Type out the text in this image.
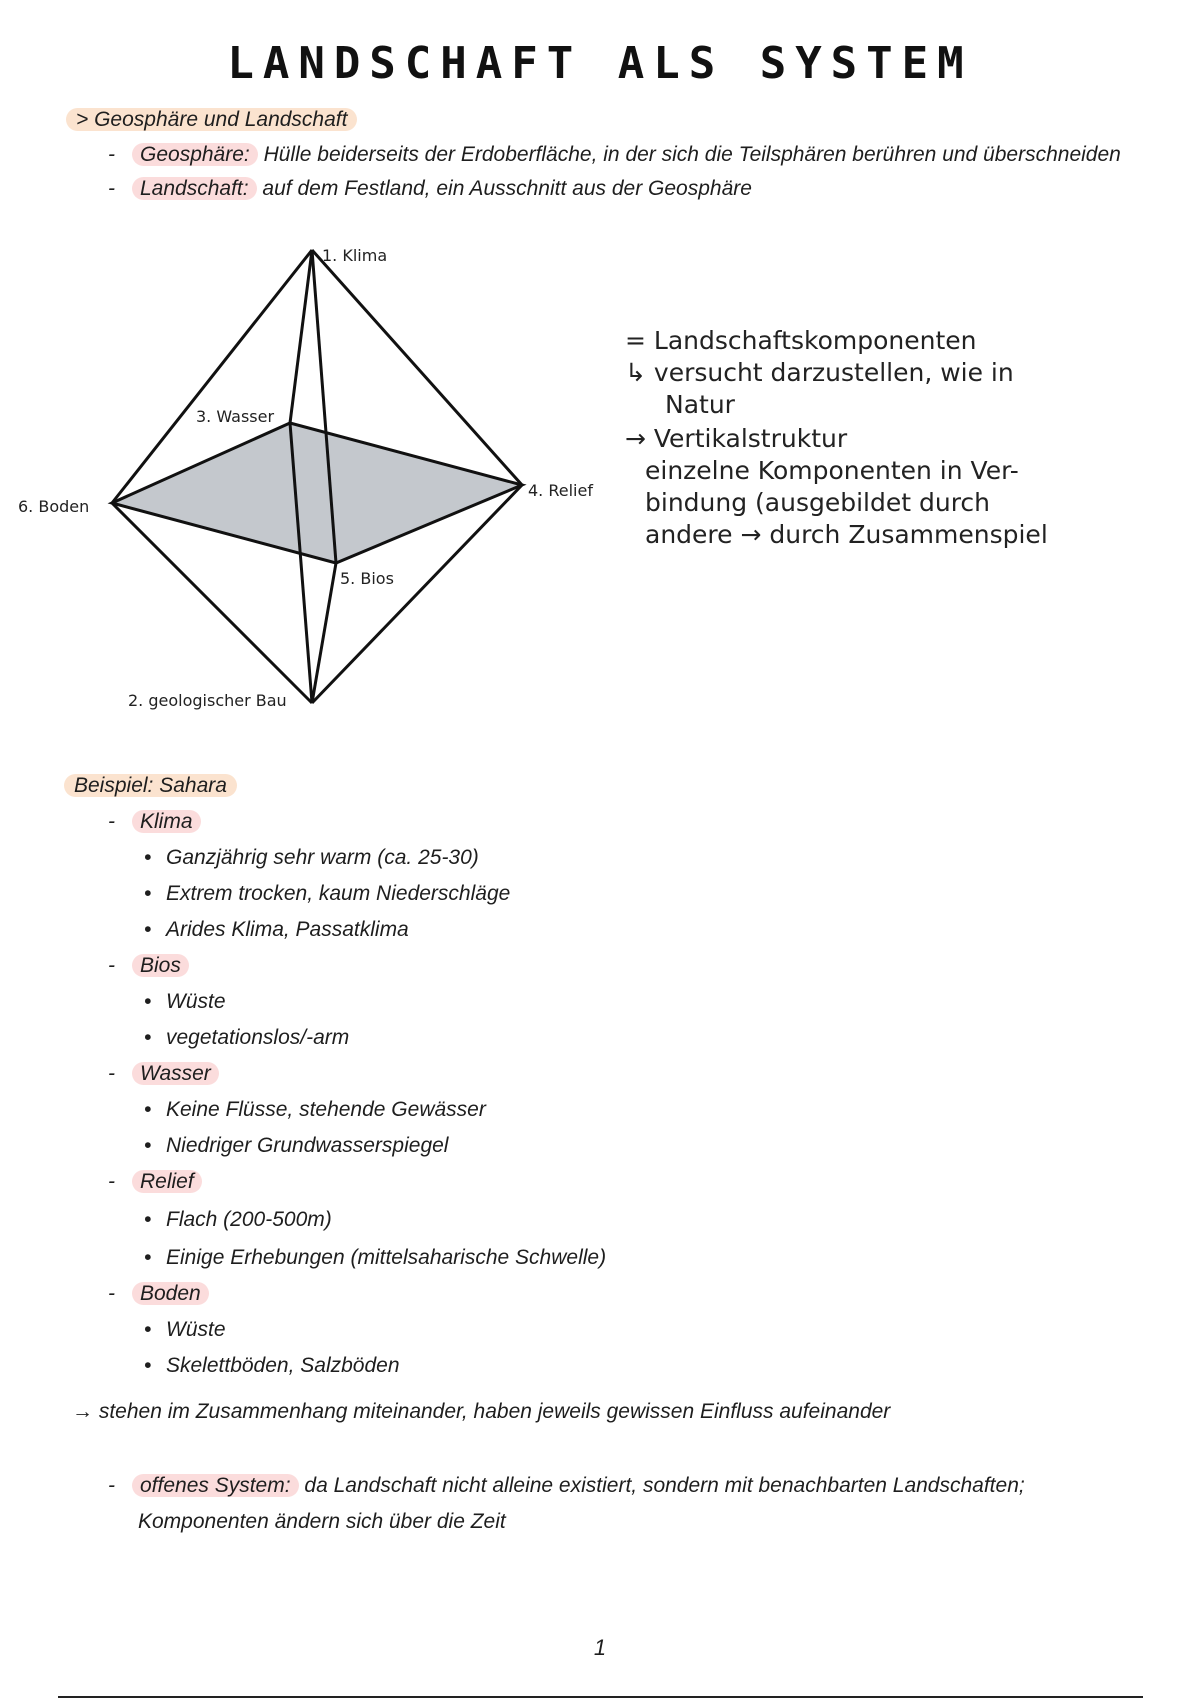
LANDSCHAFT ALS SYSTEM
> Geosphäre und Landschaft
- Geosphäre: Hülle beiderseits der Erdoberfläche, in der sich die Teilsphären berühren und überschneiden
- Landschaft: auf dem Festland, ein Ausschnitt aus der Geosphäre
1. Klima
3. Wasser
4. Relief
6. Boden
5. Bios
2. geologischer Bau
= Landschaftskomponenten
↳ versucht darzustellen, wie in
Natur
→ Vertikalstruktur
einzelne Komponenten in Ver-
bindung (ausgebildet durch
andere → durch Zusammenspiel
Beispiel: Sahara
- Klima
• Ganzjährig sehr warm (ca. 25-30)
• Extrem trocken, kaum Niederschläge
• Arides Klima, Passatklima
- Bios
• Wüste
• vegetationslos/-arm
- Wasser
• Keine Flüsse, stehende Gewässer
• Niedriger Grundwasserspiegel
- Relief
• Flach (200-500m)
• Einige Erhebungen (mittelsaharische Schwelle)
- Boden
• Wüste
• Skelettböden, Salzböden
→ stehen im Zusammenhang miteinander, haben jeweils gewissen Einfluss aufeinander
- offenes System: da Landschaft nicht alleine existiert, sondern mit benachbarten Landschaften;
Komponenten ändern sich über die Zeit
1
